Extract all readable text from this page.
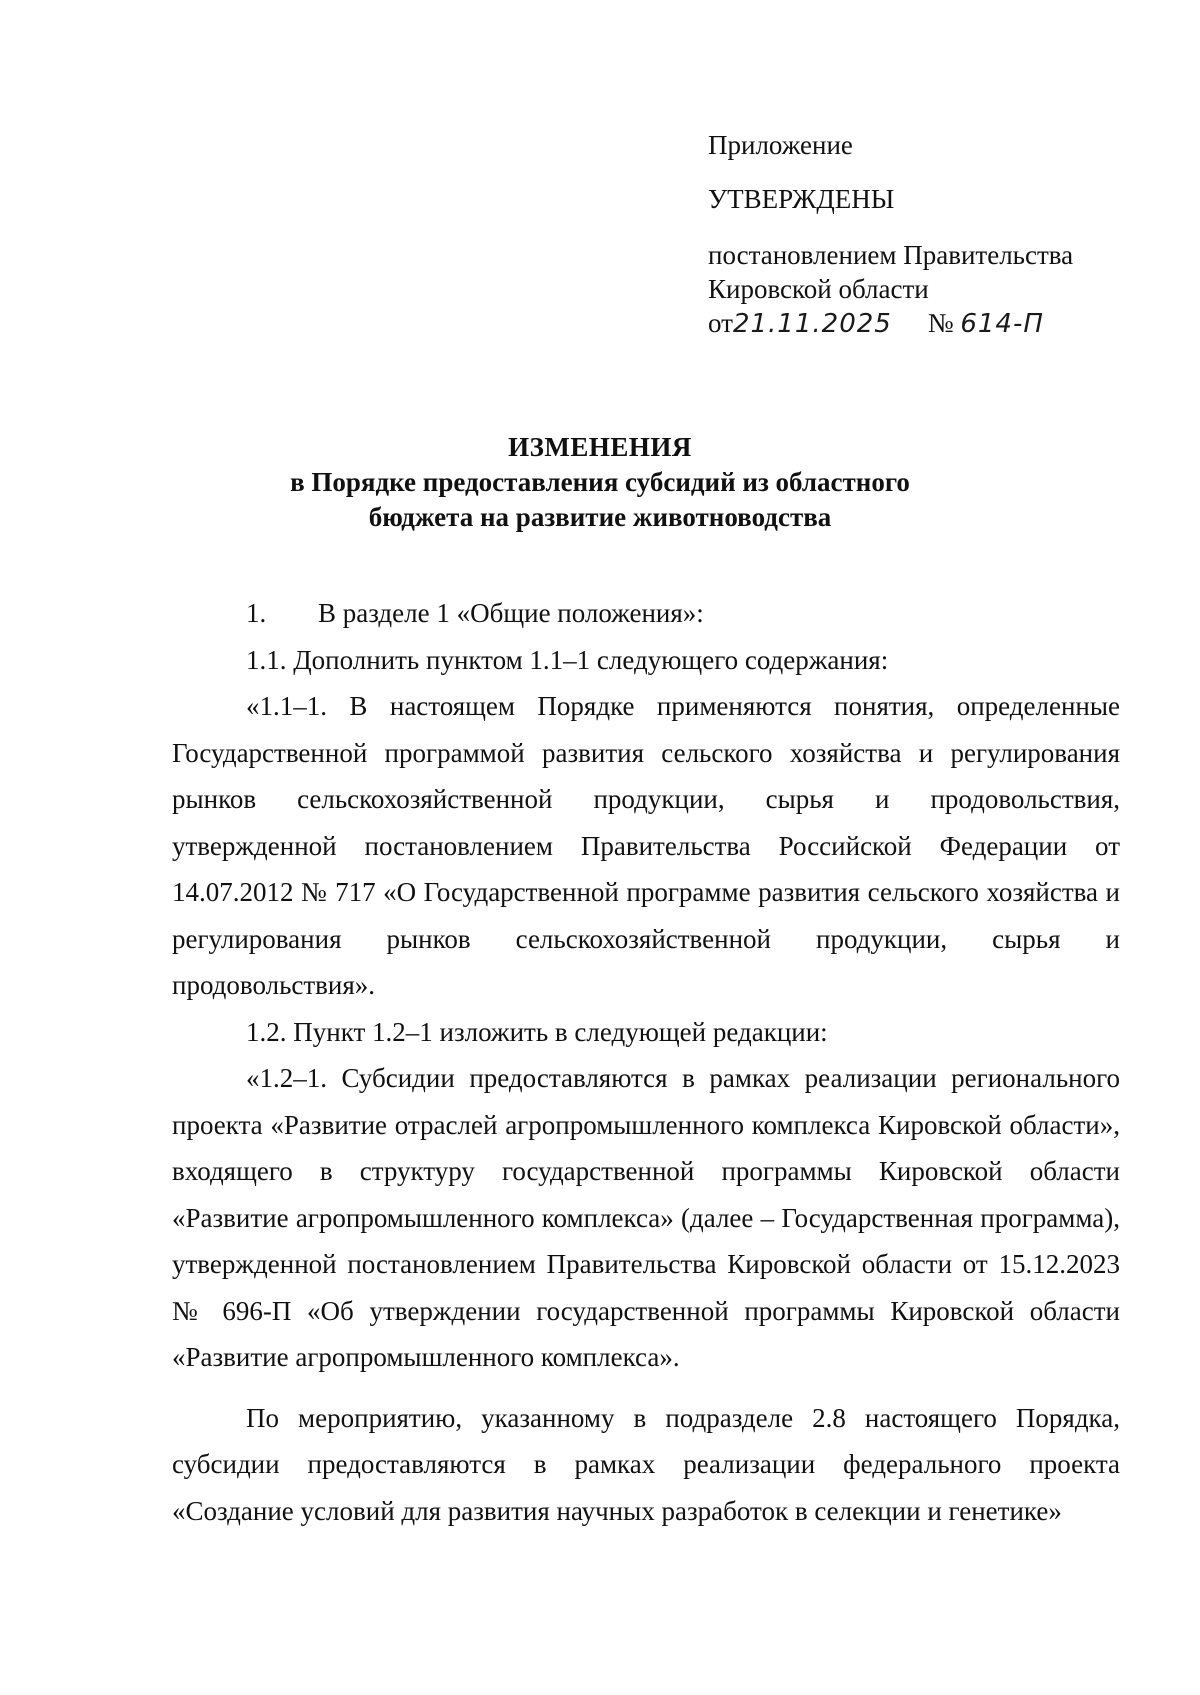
Приложение

УТВЕРЖДЕНЫ

постановлением Правительства

Кировской области

от21.11.2025 № 614-П

ИЗМЕНЕНИЯ
в Порядке предоставления субсидий из областного
бюджета на развитие животноводства

1. В разделе 1 «Общие положения»:

1.1. Дополнить пунктом 1.1–1 следующего содержания:

«1.1–1. В настоящем Порядке применяются понятия, определенные Государственной программой развития сельского хозяйства и регулирования рынков сельскохозяйственной продукции, сырья и продовольствия, утвержденной постановлением Правительства Российской Федерации от 14.07.2012 № 717 «О Государственной программе развития сельского хозяйства и регулирования рынков сельскохозяйственной продукции, сырья и продовольствия».

1.2. Пункт 1.2–1 изложить в следующей редакции:

«1.2–1. Субсидии предоставляются в рамках реализации регионального проекта «Развитие отраслей агропромышленного комплекса Кировской области», входящего в структуру государственной программы Кировской области «Развитие агропромышленного комплекса» (далее – Государственная программа), утвержденной постановлением Правительства Кировской области от 15.12.2023 № 696-П «Об утверждении государственной программы Кировской области «Развитие агропромышленного комплекса».

По мероприятию, указанному в подразделе 2.8 настоящего Порядка, субсидии предоставляются в рамках реализации федерального проекта «Создание условий для развития научных разработок в селекции и генетике»
